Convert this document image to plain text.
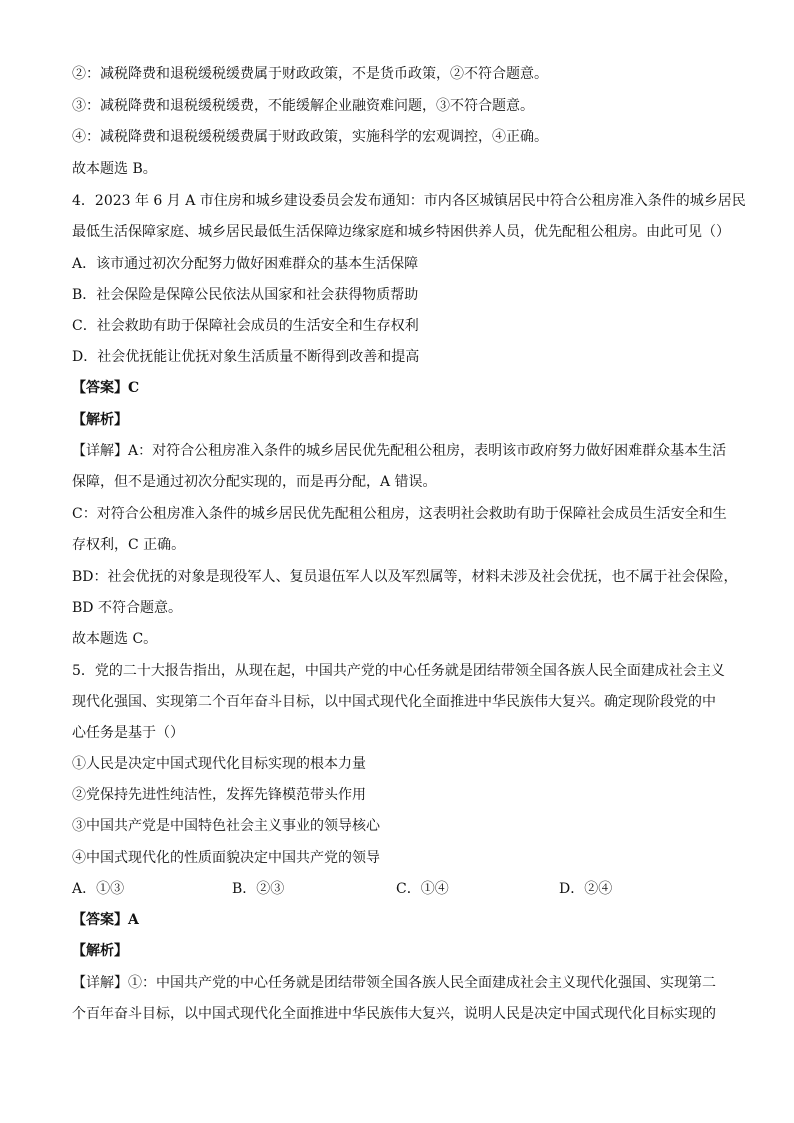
②：减税降费和退税缓税缓费属于财政政策，不是货币政策，②不符合题意。
③：减税降费和退税缓税缓费，不能缓解企业融资难问题，③不符合题意。
④：减税降费和退税缓税缓费属于财政政策，实施科学的宏观调控，④正确。
故本题选 B。
4．2023 年 6 月 A 市住房和城乡建设委员会发布通知：市内各区城镇居民中符合公租房准入条件的城乡居民
最低生活保障家庭、城乡居民最低生活保障边缘家庭和城乡特困供养人员，优先配租公租房。由此可见（）
A．该市通过初次分配努力做好困难群众的基本生活保障
B．社会保险是保障公民依法从国家和社会获得物质帮助
C．社会救助有助于保障社会成员的生活安全和生存权利
D．社会优抚能让优抚对象生活质量不断得到改善和提高
【答案】C
【解析】
【详解】A：对符合公租房准入条件的城乡居民优先配租公租房，表明该市政府努力做好困难群众基本生活
保障，但不是通过初次分配实现的，而是再分配，A 错误。
C：对符合公租房准入条件的城乡居民优先配租公租房，这表明社会救助有助于保障社会成员生活安全和生
存权利，C 正确。
BD：社会优抚的对象是现役军人、复员退伍军人以及军烈属等，材料未涉及社会优抚，也不属于社会保险，
BD 不符合题意。
故本题选 C。
5．党的二十大报告指出，从现在起，中国共产党的中心任务就是团结带领全国各族人民全面建成社会主义
现代化强国、实现第二个百年奋斗目标，以中国式现代化全面推进中华民族伟大复兴。确定现阶段党的中
心任务是基于（）
①人民是决定中国式现代化目标实现的根本力量
②党保持先进性纯洁性，发挥先锋模范带头作用
③中国共产党是中国特色社会主义事业的领导核心
④中国式现代化的性质面貌决定中国共产党的领导
A．①③	B．②③	C．①④	D．②④
【答案】A
【解析】
【详解】①：中国共产党的中心任务就是团结带领全国各族人民全面建成社会主义现代化强国、实现第二
个百年奋斗目标，以中国式现代化全面推进中华民族伟大复兴，说明人民是决定中国式现代化目标实现的
